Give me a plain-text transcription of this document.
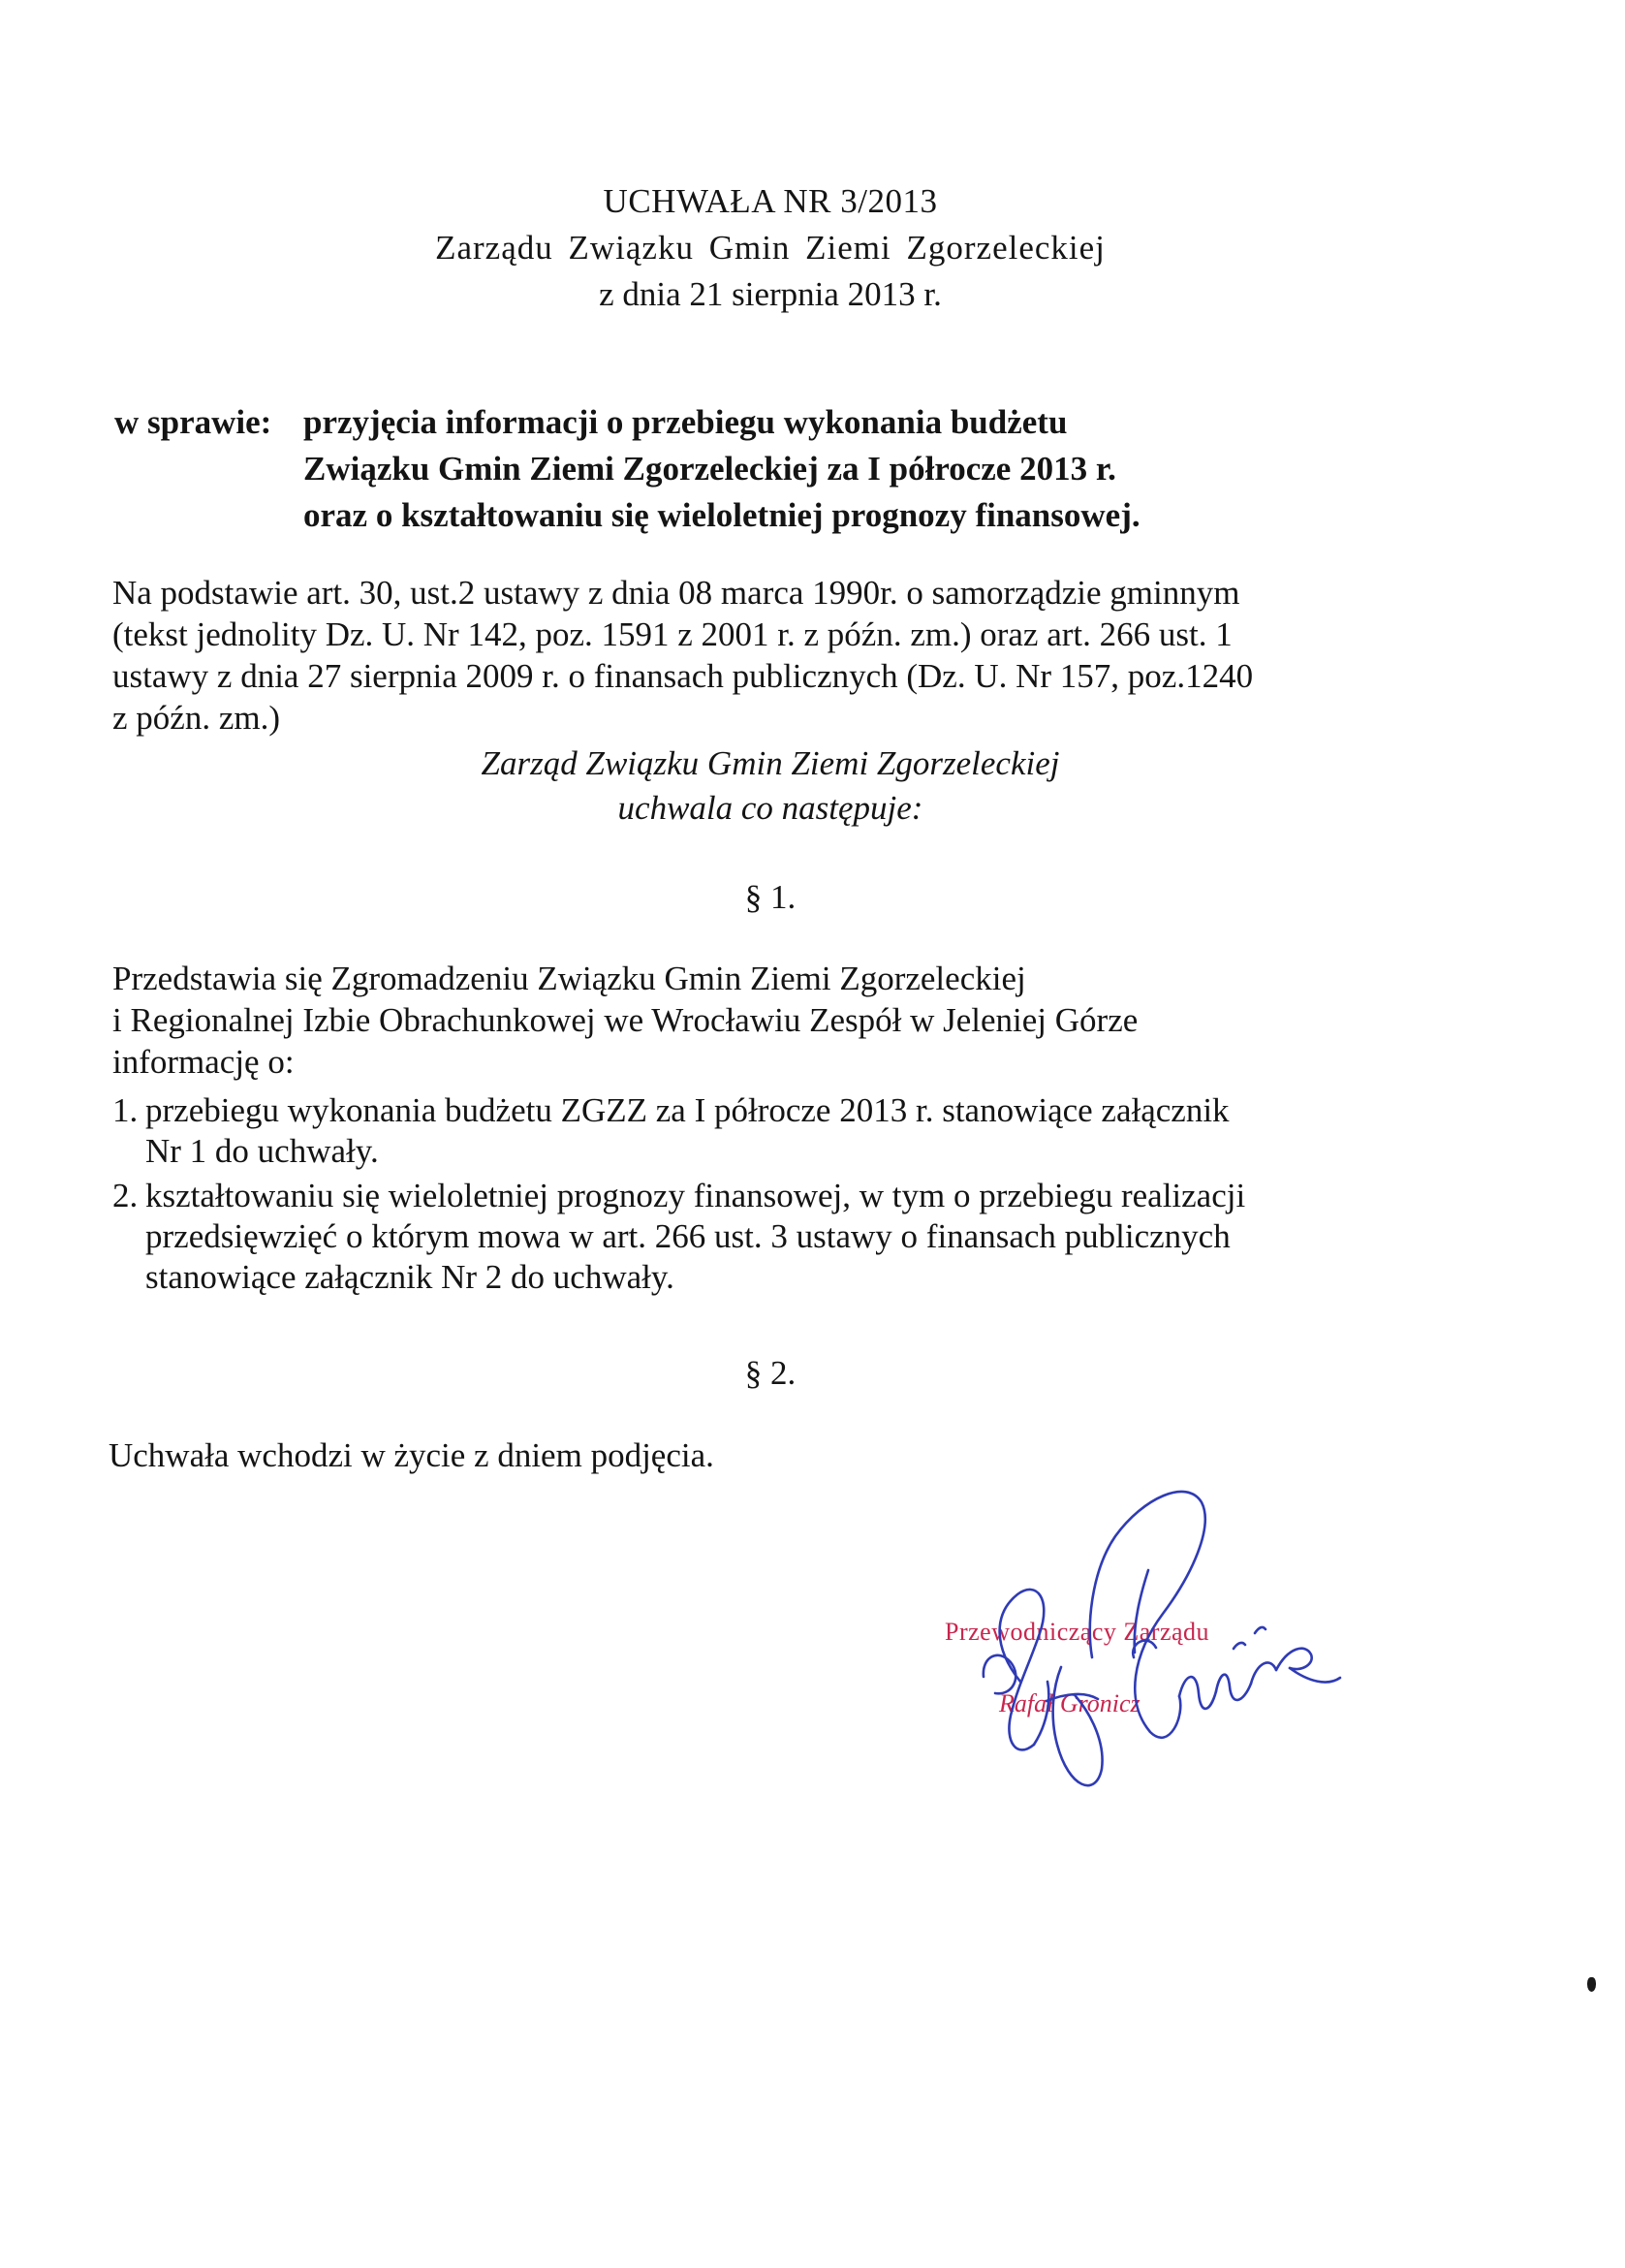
UCHWAŁA NR 3/2013
Zarządu Związku Gmin Ziemi Zgorzeleckiej
z dnia 21 sierpnia 2013 r.
w sprawie: przyjęcia informacji o przebiegu wykonania budżetu
Związku Gmin Ziemi Zgorzeleckiej za I półrocze 2013 r.
oraz o kształtowaniu się wieloletniej prognozy finansowej.
Na podstawie art. 30, ust.2 ustawy z dnia 08 marca 1990r. o samorządzie gminnym
(tekst jednolity Dz. U. Nr 142, poz. 1591 z 2001 r. z późn. zm.) oraz art. 266 ust. 1
ustawy z dnia 27 sierpnia 2009 r. o finansach publicznych (Dz. U. Nr 157, poz.1240
z późn. zm.)
Zarząd Związku Gmin Ziemi Zgorzeleckiej
uchwala co następuje:
§ 1.
Przedstawia się Zgromadzeniu Związku Gmin Ziemi Zgorzeleckiej
i Regionalnej Izbie Obrachunkowej we Wrocławiu Zespół w Jeleniej Górze
informację o:
1. przebiegu wykonania budżetu ZGZZ za I półrocze 2013 r. stanowiące załącznik
Nr 1 do uchwały.
2. kształtowaniu się wieloletniej prognozy finansowej, w tym o przebiegu realizacji
przedsięwzięć o którym mowa w art. 266 ust. 3 ustawy o finansach publicznych
stanowiące załącznik Nr 2 do uchwały.
§ 2.
Uchwała wchodzi w życie z dniem podjęcia.
Przewodniczący Zarządu
Rafał Gronicz
